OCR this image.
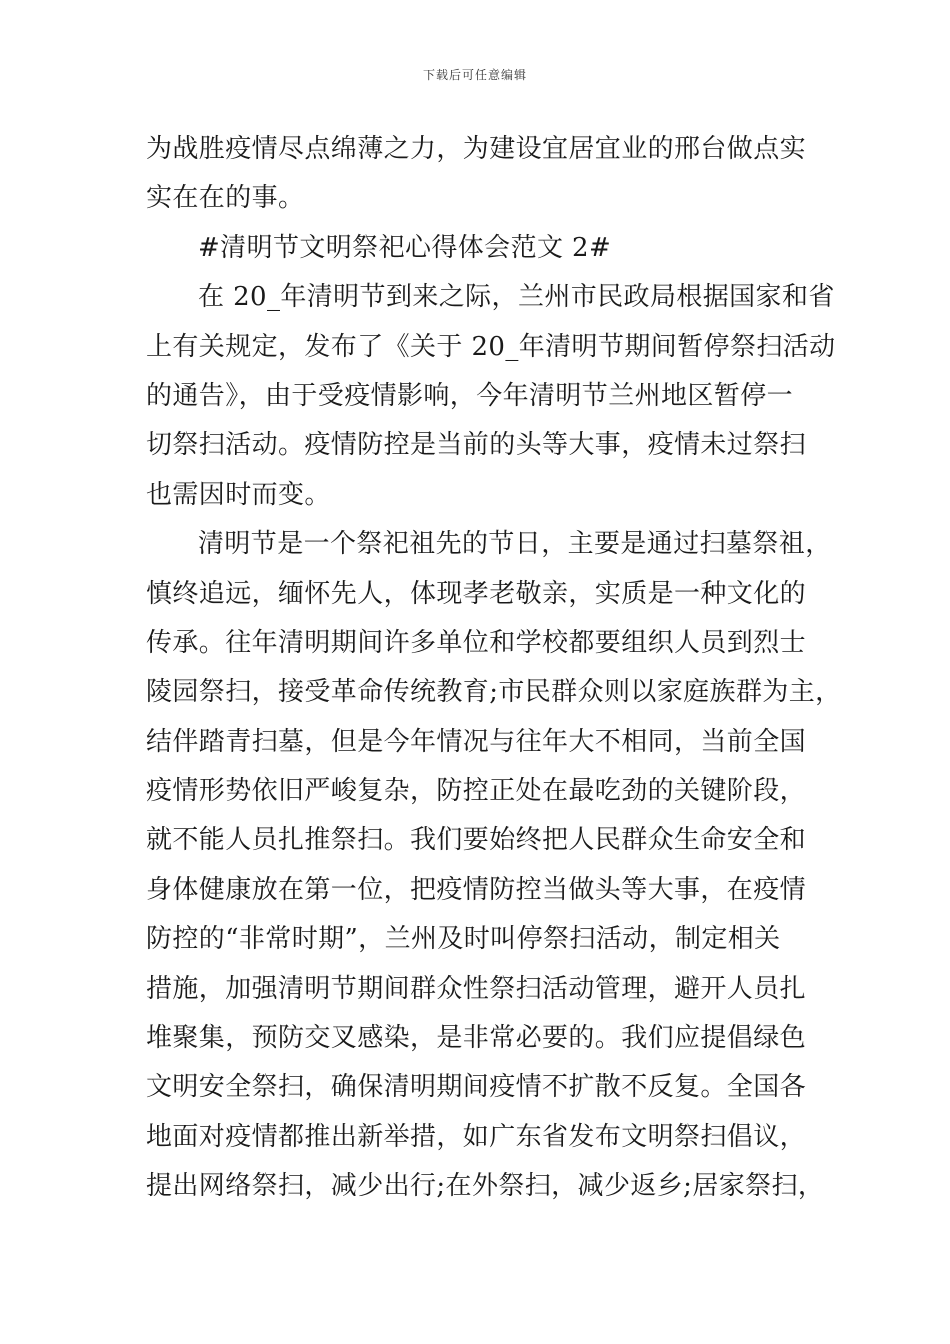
下载后可任意编辑
为战胜疫情尽点绵薄之力，为建设宜居宜业的邢台做点实
实在在的事。
#清明节文明祭祀心得体会范文 2#
在 20_年清明节到来之际，兰州市民政局根据国家和省
上有关规定，发布了《关于 20_年清明节期间暂停祭扫活动
的通告》，由于受疫情影响，今年清明节兰州地区暂停一
切祭扫活动。疫情防控是当前的头等大事，疫情未过祭扫
也需因时而变。
清明节是一个祭祀祖先的节日，主要是通过扫墓祭祖，
慎终追远，缅怀先人，体现孝老敬亲，实质是一种文化的
传承。往年清明期间许多单位和学校都要组织人员到烈士
陵园祭扫，接受革命传统教育;市民群众则以家庭族群为主，
结伴踏青扫墓，但是今年情况与往年大不相同，当前全国
疫情形势依旧严峻复杂，防控正处在最吃劲的关键阶段，
就不能人员扎推祭扫。我们要始终把人民群众生命安全和
身体健康放在第一位，把疫情防控当做头等大事，在疫情
防控的“非常时期”，兰州及时叫停祭扫活动，制定相关
措施，加强清明节期间群众性祭扫活动管理，避开人员扎
堆聚集，预防交叉感染，是非常必要的。我们应提倡绿色
文明安全祭扫，确保清明期间疫情不扩散不反复。全国各
地面对疫情都推出新举措，如广东省发布文明祭扫倡议，
提出网络祭扫，减少出行;在外祭扫，减少返乡;居家祭扫，
